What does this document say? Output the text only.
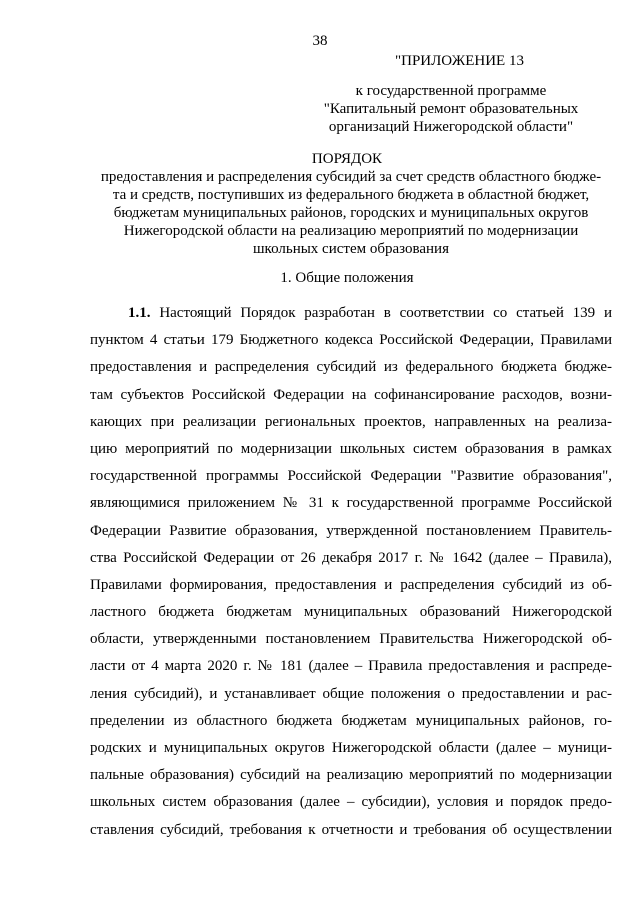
38
"ПРИЛОЖЕНИЕ 13
к государственной программе
"Капитальный ремонт образовательных
организаций Нижегородской области"
ПОРЯДОК
предоставления и распределения субсидий за счет средств областного бюдже-
та и средств, поступивших из федерального бюджета в областной бюджет,
бюджетам муниципальных районов, городских и муниципальных округов
Нижегородской области на реализацию мероприятий по модернизации
школьных систем образования
1. Общие положения
1.1. Настоящий Порядок разработан в соответствии со статьей 139 и
пунктом 4 статьи 179 Бюджетного кодекса Российской Федерации, Правилами
предоставления и распределения субсидий из федерального бюджета бюдже-
там субъектов Российской Федерации на софинансирование расходов, возни-
кающих при реализации региональных проектов, направленных на реализа-
цию мероприятий по модернизации школьных систем образования в рамках
государственной программы Российской Федерации "Развитие образования",
являющимися приложением № 31 к государственной программе Российской
Федерации Развитие образования, утвержденной постановлением Правитель-
ства Российской Федерации от 26 декабря 2017 г. № 1642 (далее – Правила),
Правилами формирования, предоставления и распределения субсидий из об-
ластного бюджета бюджетам муниципальных образований Нижегородской
области, утвержденными постановлением Правительства Нижегородской об-
ласти от 4 марта 2020 г. № 181 (далее – Правила предоставления и распреде-
ления субсидий), и устанавливает общие положения о предоставлении и рас-
пределении из областного бюджета бюджетам муниципальных районов, го-
родских и муниципальных округов Нижегородской области (далее – муници-
пальные образования) субсидий на реализацию мероприятий по модернизации
школьных систем образования (далее – субсидии), условия и порядок предо-
ставления субсидий, требования к отчетности и требования об осуществлении
